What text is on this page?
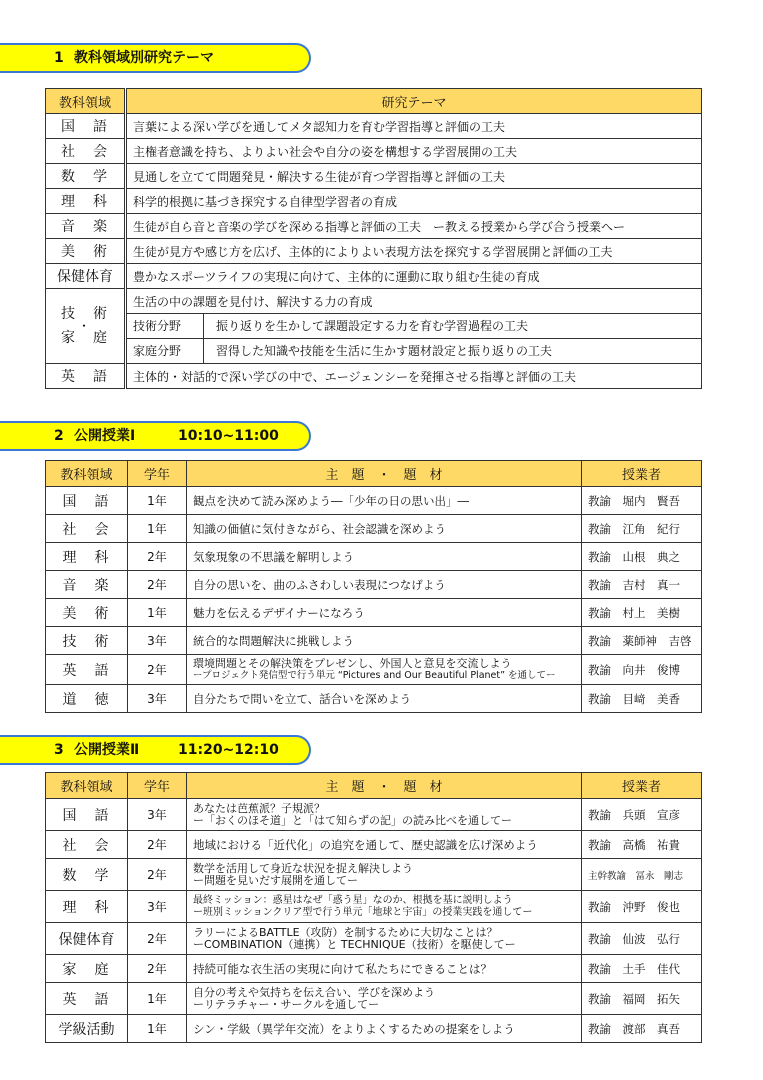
1 教科領域別研究テーマ
教科領域	研究テーマ
国　語	言葉による深い学びを通してメタ認知力を育む学習指導と評価の工夫
社　会	主権者意識を持ち、よりよい社会や自分の姿を構想する学習展開の工夫
数　学	見通しを立てて問題発見・解決する生徒が育つ学習指導と評価の工夫
理　科	科学的根拠に基づき探究する自律型学習者の育成
音　楽	生徒が自ら音と音楽の学びを深める指導と評価の工夫　ー教える授業から学び合う授業へー
美　術	生徒が見方や感じ方を広げ、主体的によりよい表現方法を探究する学習展開と評価の工夫
保健体育	豊かなスポーツライフの実現に向けて、主体的に運動に取り組む生徒の育成

技　術
・
家　庭	生活の中の課題を見付け、解決する力の育成

	技術分野 振り返りを生かして課題設定する力を育む学習過程の工夫

	家庭分野 習得した知識や技能を生活に生かす題材設定と振り返りの工夫

英　語	主体的・対話的で深い学びの中で、エージェンシーを発揮させる指導と評価の工夫
2 公開授業Ⅰ	10:10~11:00
教科領域	学年	主　題　・　題　材	授業者
国　語	1年	観点を決めて読み深めよう―「少年の日の思い出」―	教諭　堀内　賢吾
社　会	1年	知識の価値に気付きながら、社会認識を深めよう	教諭　江角　紀行
理　科	2年	気象現象の不思議を解明しよう	教諭　山根　典之
音　楽	2年	自分の思いを、曲のふさわしい表現につなげよう	教諭　吉村　真一
美　術	1年	魅力を伝えるデザイナーになろう	教諭　村上　美樹
技　術	3年	統合的な問題解決に挑戦しよう	教諭　薬師神　吉啓
英　語	2年	環境問題とその解決策をプレゼンし、外国人と意見を交流しよう
ープロジェクト発信型で行う単元 “Pictures and Our Beautiful Planet” を通してー	教諭　向井　俊博
道　徳	3年	自分たちで問いを立て、話合いを深めよう	教諭　目﨑　美香
3 公開授業Ⅱ	11:20~12:10
教科領域	学年	主　題　・　題　材	授業者
国　語	3年	あなたは芭蕉派？子規派？
ー「おくのほそ道」と「はて知らずの記」の読み比べを通してー	教諭　兵頭　宣彦
社　会	2年	地域における「近代化」の追究を通して、歴史認識を広げ深めよう	教諭　高橋　祐貴
数　学	2年	数学を活用して身近な状況を捉え解決しよう
ー問題を見いだす展開を通してー	主幹教諭　冨永　剛志
理　科	3年	最終ミッション：惑星はなぜ「惑う星」なのか、根拠を基に説明しよう
ー班別ミッションクリア型で行う単元「地球と宇宙」の授業実践を通してー	教諭　沖野　俊也
保健体育	2年	ラリーによるBATTLE（攻防）を制するために大切なことは？
ーCOMBINATION（連携）と TECHNIQUE（技術）を駆使してー	教諭　仙波　弘行
家　庭	2年	持続可能な衣生活の実現に向けて私たちにできることは？	教諭　土手　佳代
英　語	1年	自分の考えや気持ちを伝え合い、学びを深めよう
ーリテラチャー・サークルを通してー	教諭　福岡　拓矢
学級活動	1年	シン・学級（異学年交流）をよりよくするための提案をしよう	教諭　渡部　真吾
